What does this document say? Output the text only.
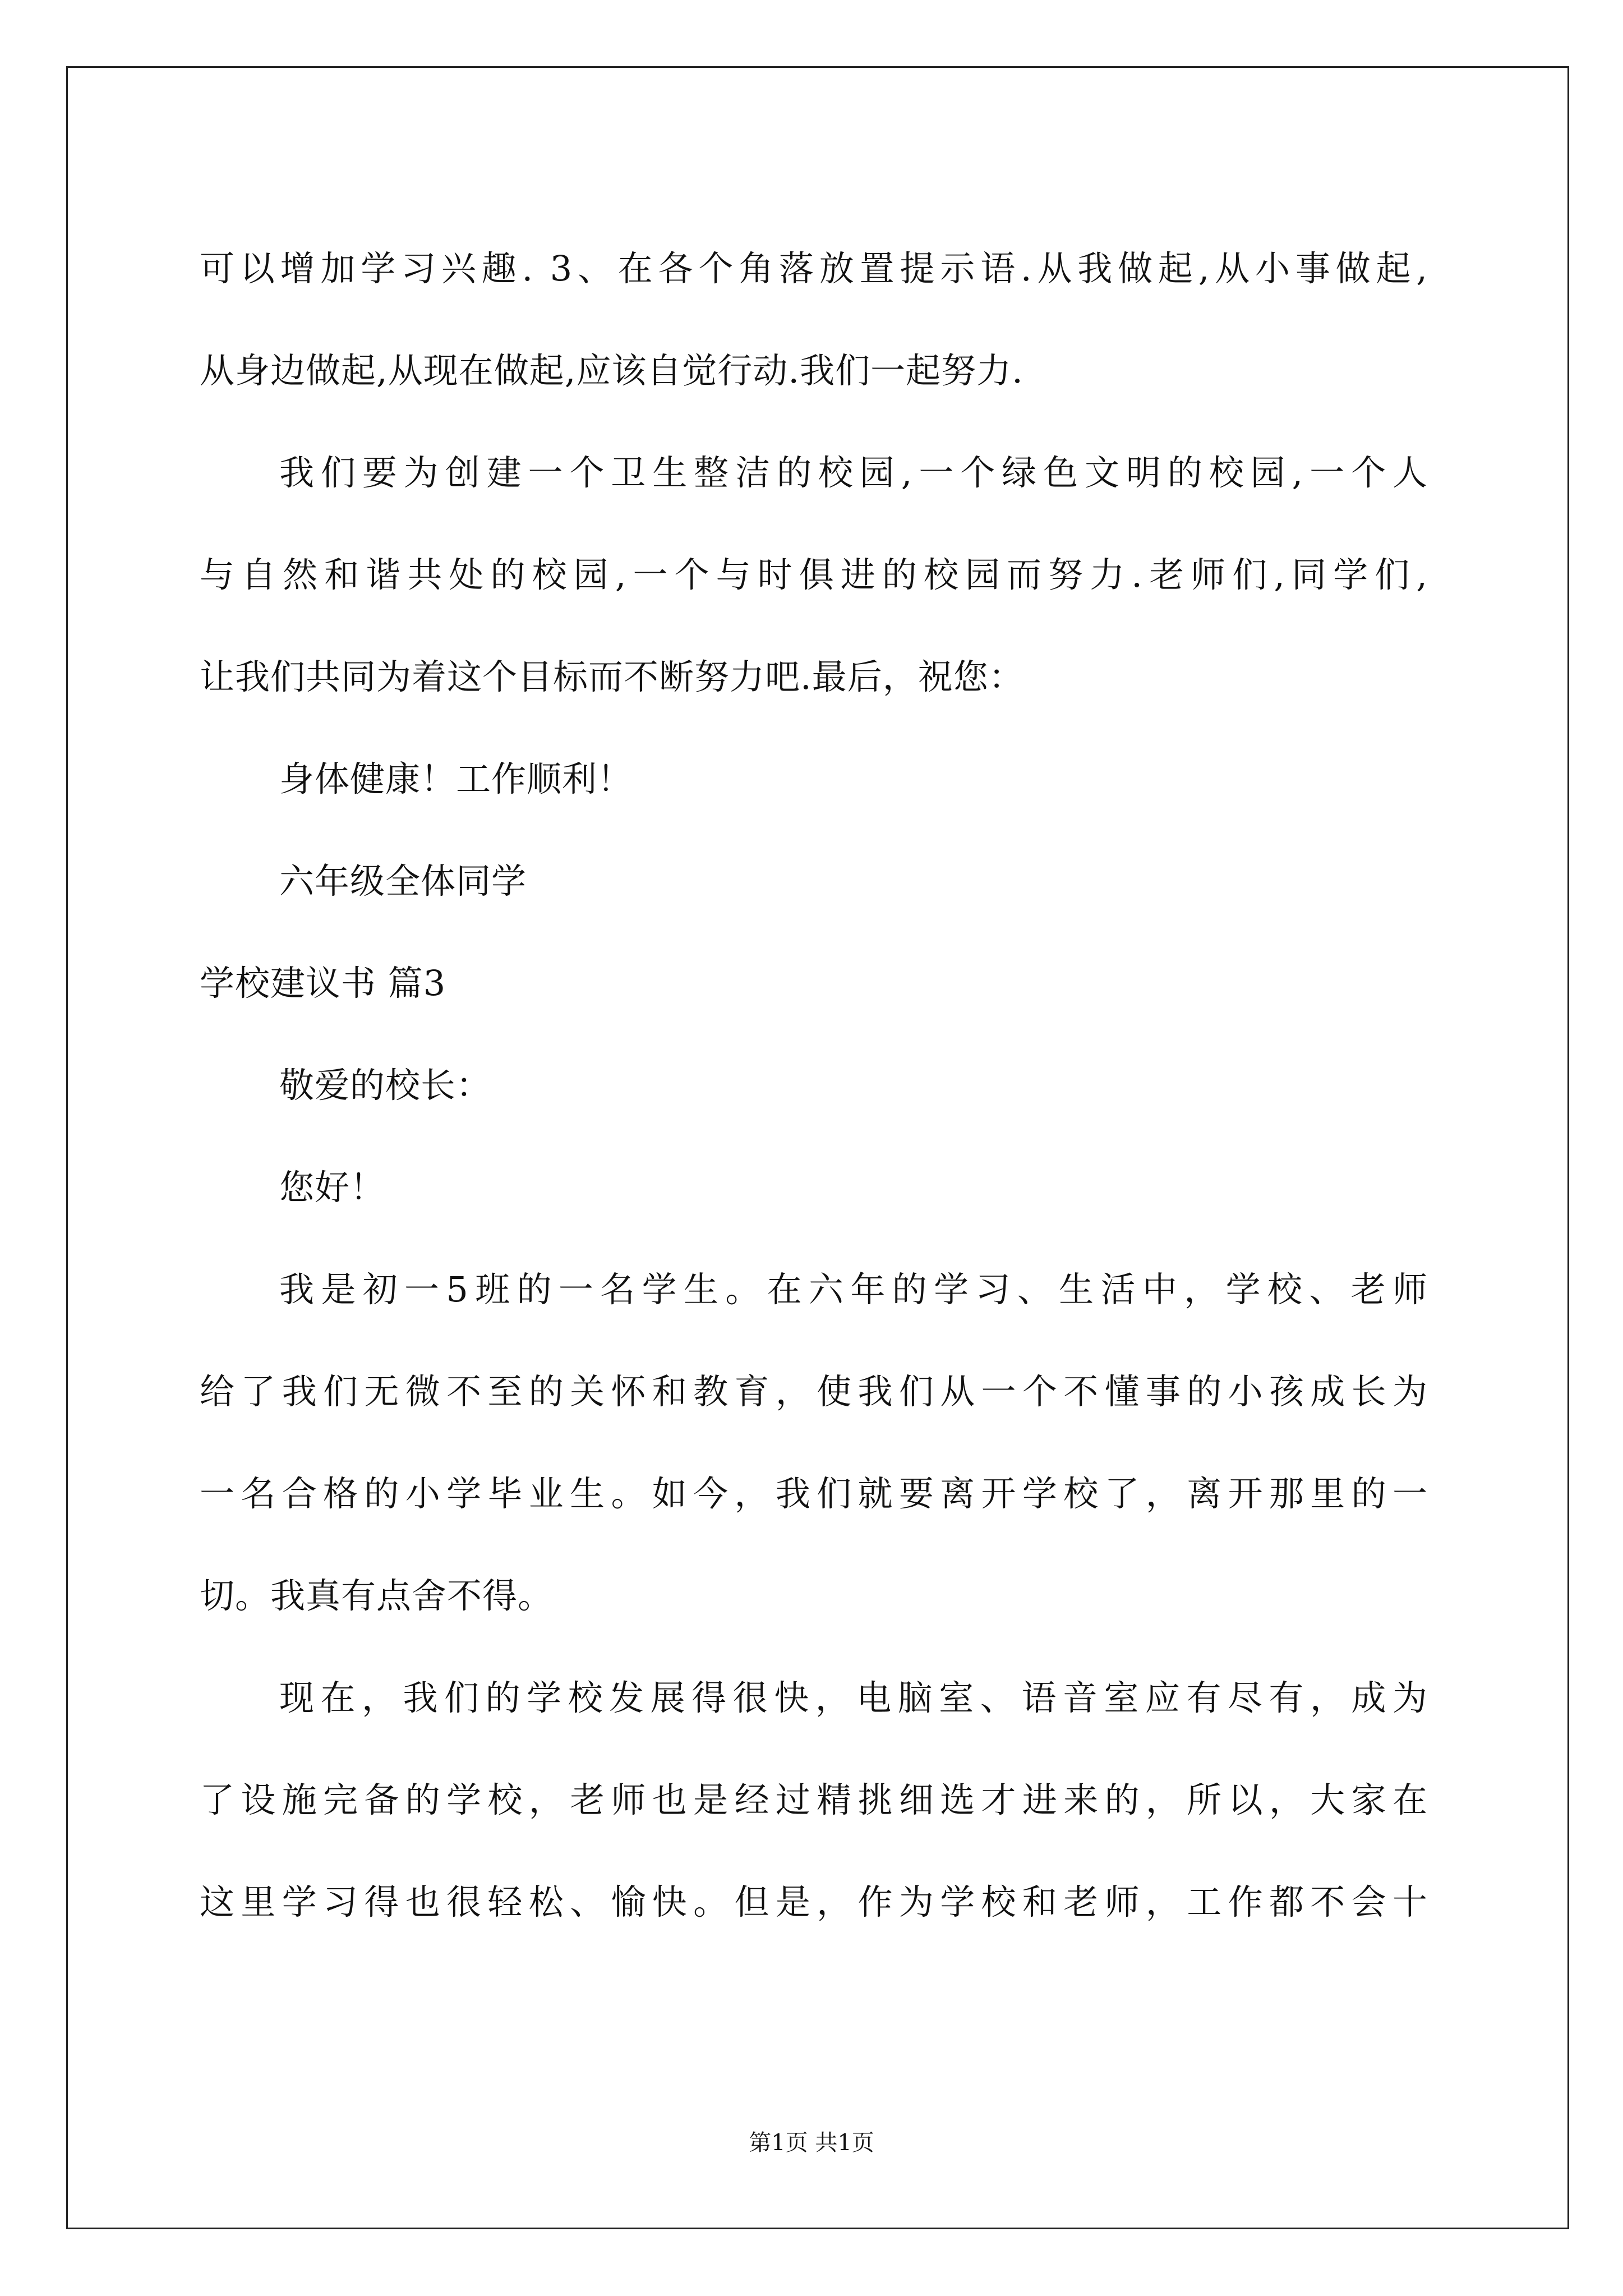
可以增加学习兴趣. 3、在各个角落放置提示语.从我做起,从小事做起,
从身边做起,从现在做起,应该自觉行动.我们一起努力.
我们要为创建一个卫生整洁的校园,一个绿色文明的校园,一个人
与自然和谐共处的校园,一个与时俱进的校园而努力.老师们,同学们,
让我们共同为着这个目标而不断努力吧.最后，祝您：
身体健康！工作顺利！
六年级全体同学
学校建议书 篇3
敬爱的校长：
您好！
我是初一5班的一名学生。在六年的学习、生活中，学校、老师
给了我们无微不至的关怀和教育，使我们从一个不懂事的小孩成长为
一名合格的小学毕业生。如今，我们就要离开学校了，离开那里的一
切。我真有点舍不得。
现在，我们的学校发展得很快，电脑室、语音室应有尽有，成为
了设施完备的学校，老师也是经过精挑细选才进来的，所以，大家在
这里学习得也很轻松、愉快。但是，作为学校和老师，工作都不会十
第1页 共1页
